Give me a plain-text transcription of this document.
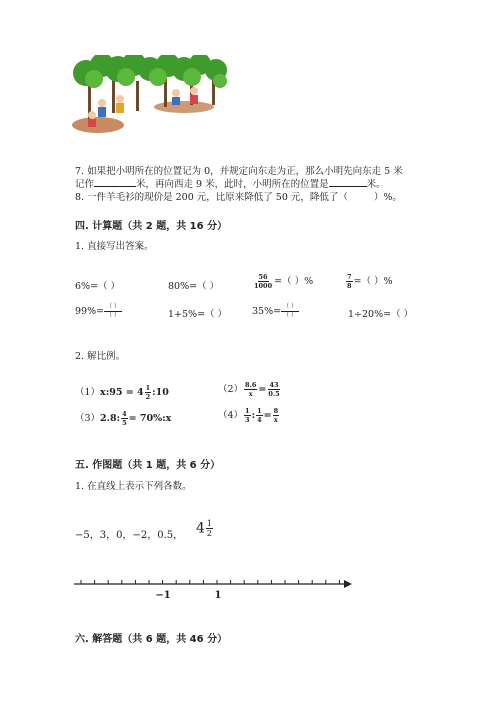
7. 如果把小明所在的位置记为 0，并规定向东走为正，那么小明先向东走 5 米
记作	米，再向西走 9 米，此时，小明所在的位置是	米。
8. 一件羊毛衫的现价是 200 元，比原来降低了 50 元，降低了（	）%。
四. 计算题（共 2 题，共 16 分）
1. 直接写出答案。
6%=（ ）	80%=（ ）	$\frac{56}{1000}$ =（ ）%	$\frac{7}{8}$ =（ ）%
$99\%= \frac{( )}{( )}$	1+5%=（ ）	$35\%= \frac{( )}{( )}$	1÷20%=（ ）
2. 解比例。
（1）x:95 = $4 \frac{1}{2}$ :10	$(2) \frac{8.6}{x} = \frac{43}{0.5}$
（3）2.8: $\frac{4}{5}$ = 70%:x	$(4) \frac{1}{3}$ : $\frac{1}{4} = \frac{8}{x}$
五. 作图题（共 1 题，共 6 分）
1. 在直线上表示下列各数。
−5，3，0，−2，0.5， $4 \frac{1}{2}$
−1	1
六. 解答题（共 6 题，共 46 分）
